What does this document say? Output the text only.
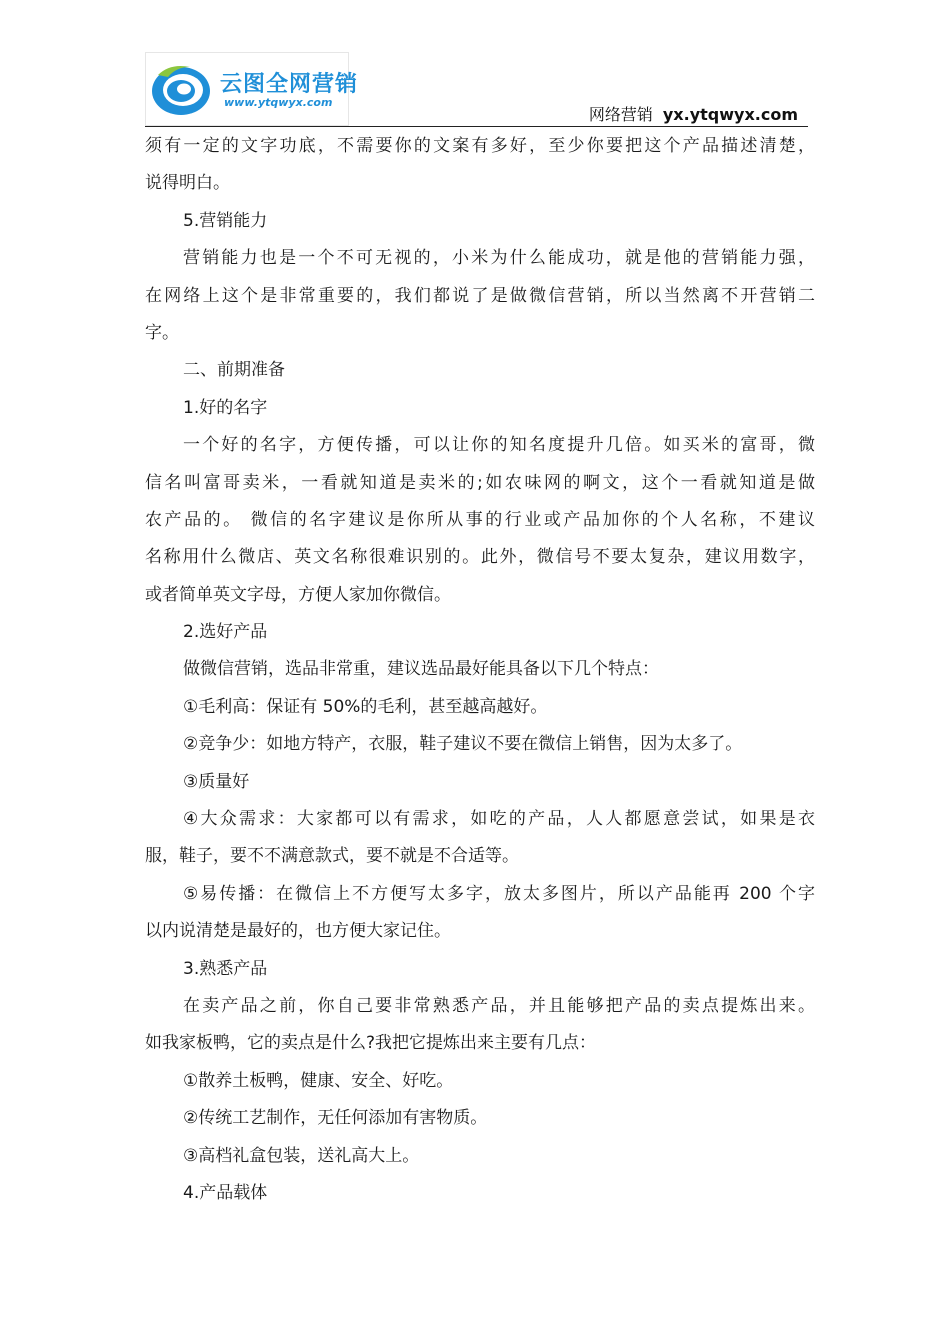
云图全网营销
www.ytqwyx.com
网络营销 yx.ytqwyx.com
须有一定的文字功底，不需要你的文案有多好，至少你要把这个产品描述清楚，
说得明白。
5.营销能力
营销能力也是一个不可无视的，小米为什么能成功，就是他的营销能力强，
在网络上这个是非常重要的，我们都说了是做微信营销，所以当然离不开营销二
字。
二、前期准备
1.好的名字
一个好的名字，方便传播，可以让你的知名度提升几倍。如买米的富哥，微
信名叫富哥卖米，一看就知道是卖米的;如农味网的啊文，这个一看就知道是做
农产品的。 微信的名字建议是你所从事的行业或产品加你的个人名称，不建议
名称用什么微店、英文名称很难识别的。此外，微信号不要太复杂，建议用数字，
或者简单英文字母，方便人家加你微信。
2.选好产品
做微信营销，选品非常重，建议选品最好能具备以下几个特点：
①毛利高：保证有 50%的毛利，甚至越高越好。
②竞争少：如地方特产，衣服，鞋子建议不要在微信上销售，因为太多了。
③质量好
④大众需求：大家都可以有需求，如吃的产品，人人都愿意尝试，如果是衣
服，鞋子，要不不满意款式，要不就是不合适等。
⑤易传播：在微信上不方便写太多字，放太多图片，所以产品能再 200 个字
以内说清楚是最好的，也方便大家记住。
3.熟悉产品
在卖产品之前，你自己要非常熟悉产品，并且能够把产品的卖点提炼出来。
如我家板鸭，它的卖点是什么?我把它提炼出来主要有几点：
①散养土板鸭，健康、安全、好吃。
②传统工艺制作，无任何添加有害物质。
③高档礼盒包装，送礼高大上。
4.产品载体
